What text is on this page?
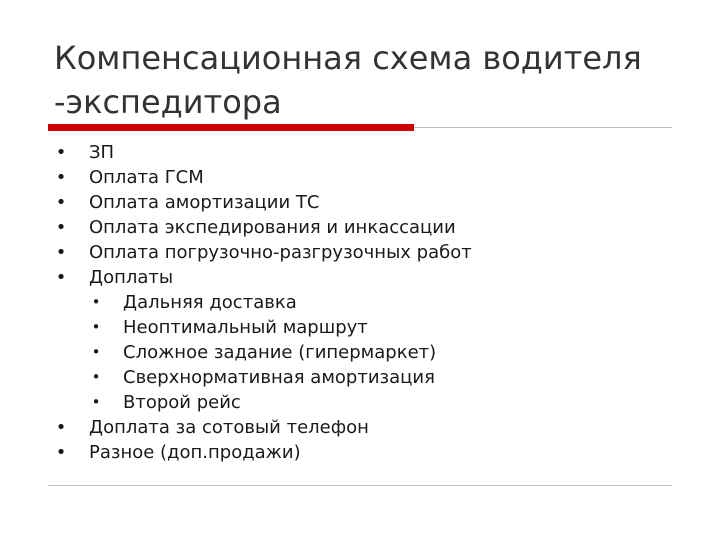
Компенсационная схема водителя
-экспедитора
• ЗП
• Оплата ГСМ
• Оплата амортизации ТС
• Оплата экспедирования и инкассации
• Оплата погрузочно-разгрузочных работ
• Доплаты
• Дальняя доставка
• Неоптимальный маршрут
• Сложное задание (гипермаркет)
• Сверхнормативная амортизация
• Второй рейс
• Доплата за сотовый телефон
• Разное (доп.продажи)
